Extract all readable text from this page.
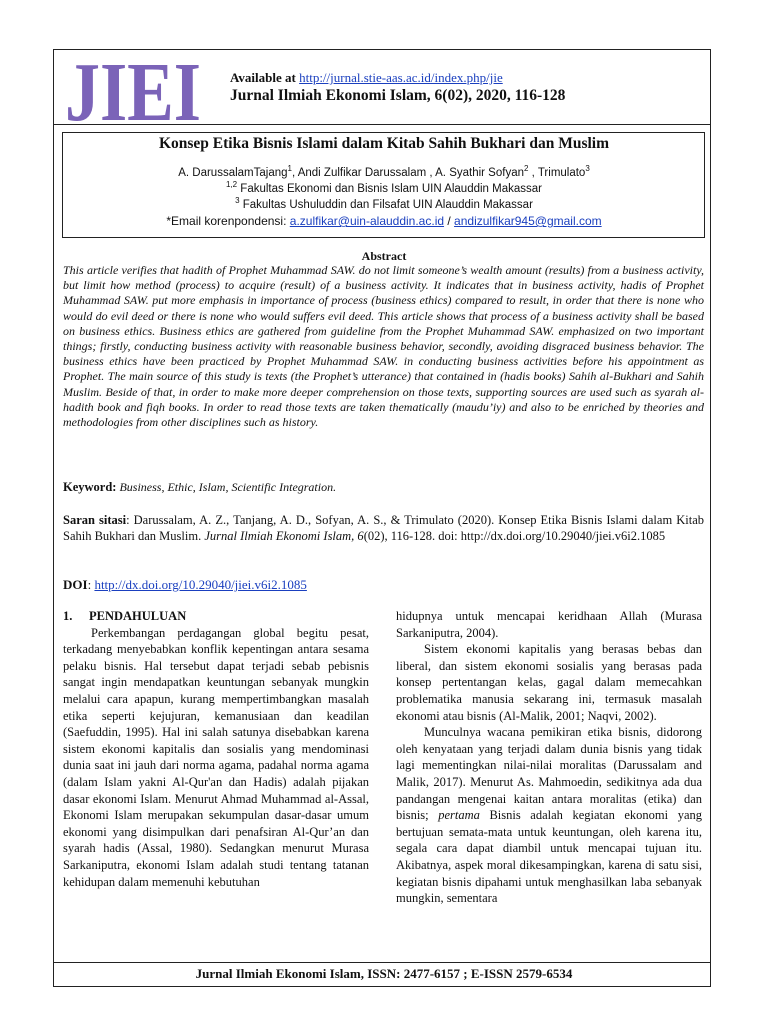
JIEI Available at http://jurnal.stie-aas.ac.id/index.php/jie
Jurnal Ilmiah Ekonomi Islam, 6(02), 2020, 116-128
Konsep Etika Bisnis Islami dalam Kitab Sahih Bukhari dan Muslim
A. DarussalamTajang$^1$, Andi Zulfikar Darussalam , A. Syathir Sofyan$^2$ , Trimulato$^3$
$^{1,2}$ Fakultas Ekonomi dan Bisnis Islam UIN Alauddin Makassar
$^3$ Fakultas Ushuluddin dan Filsafat UIN Alauddin Makassar
*Email korenpondensi: a.zulfikar@uin-alauddin.ac.id / andizulfikar945@gmail.com
Abstract
This article verifies that hadith of Prophet Muhammad SAW. do not limit someone’s wealth amount (results) from a business activity, but limit how method (process) to acquire (result) of a business activity. It indicates that in business activity, hadis of Prophet Muhammad SAW. put more emphasis in importance of process (business ethics) compared to result, in order that there is none who would do evil deed or there is none who would suffers evil deed. This article shows that process of a business activity shall be based on business ethics. Business ethics are gathered from guideline from the Prophet Muhammad SAW. emphasized on two important things; firstly, conducting business activity with reasonable business behavior, secondly, avoiding disgraced business behavior. The business ethics have been practiced by Prophet Muhammad SAW. in conducting business activities before his appointment as Prophet. The main source of this study is texts (the Prophet’s utterance) that contained in (hadis books) Sahih al-Bukhari and Sahih Muslim. Beside of that, in order to make more deeper comprehension on those texts, supporting sources are used such as syarah al-hadith book and fiqh books. In order to read those texts are taken thematically (maudu’iy) and also to be enriched by theories and methodologies from other disciplines such as history.
Keyword: Business, Ethic, Islam, Scientific Integration.
Saran sitasi: Darussalam, A. Z., Tanjang, A. D., Sofyan, A. S., & Trimulato (2020). Konsep Etika Bisnis Islami dalam Kitab Sahih Bukhari dan Muslim. Jurnal Ilmiah Ekonomi Islam, 6(02), 116-128. doi: http://dx.doi.org/10.29040/jiei.v6i2.1085
DOI: http://dx.doi.org/10.29040/jiei.v6i2.1085

1. PENDAHULUAN

Perkembangan perdagangan global begitu pesat, terkadang menyebabkan konflik kepentingan antara sesama pelaku bisnis. Hal tersebut dapat terjadi sebab pebisnis sangat ingin mendapatkan keuntungan sebanyak mungkin melalui cara apapun, kurang mempertimbangkan masalah etika seperti kejujuran, kemanusiaan dan keadilan (Saefuddin, 1995). Hal ini salah satunya disebabkan karena sistem ekonomi kapitalis dan sosialis yang mendominasi dunia saat ini jauh dari norma agama, padahal norma agama (dalam Islam yakni Al-Qur'an dan Hadis) adalah pijakan dasar ekonomi Islam. Menurut Ahmad Muhammad al-Assal, Ekonomi Islam merupakan sekumpulan dasar-dasar umum ekonomi yang disimpulkan dari penafsiran Al-Qur’an dan syarah hadis (Assal, 1980). Sedangkan menurut Murasa Sarkaniputra, ekonomi Islam adalah studi tentang tatanan kehidupan dalam memenuhi kebutuhan

hidupnya untuk mencapai keridhaan Allah (Murasa Sarkaniputra, 2004).

Sistem ekonomi kapitalis yang berasas bebas dan liberal, dan sistem ekonomi sosialis yang berasas pada konsep pertentangan kelas, gagal dalam memecahkan problematika manusia sekarang ini, termasuk masalah ekonomi atau bisnis (Al-Malik, 2001; Naqvi, 2002).

Munculnya wacana pemikiran etika bisnis, didorong oleh kenyataan yang terjadi dalam dunia bisnis yang tidak lagi mementingkan nilai-nilai moralitas (Darussalam and Malik, 2017). Menurut As. Mahmoedin, sedikitnya ada dua pandangan mengenai kaitan antara moralitas (etika) dan bisnis; pertama Bisnis adalah kegiatan ekonomi yang bertujuan semata-mata untuk keuntungan, oleh karena itu, segala cara dapat diambil untuk mencapai tujuan itu. Akibatnya, aspek moral dikesampingkan, karena di satu sisi, kegiatan bisnis dipahami untuk menghasilkan laba sebanyak mungkin, sementara

Jurnal Ilmiah Ekonomi Islam, ISSN: 2477-6157 ; E-ISSN 2579-6534
